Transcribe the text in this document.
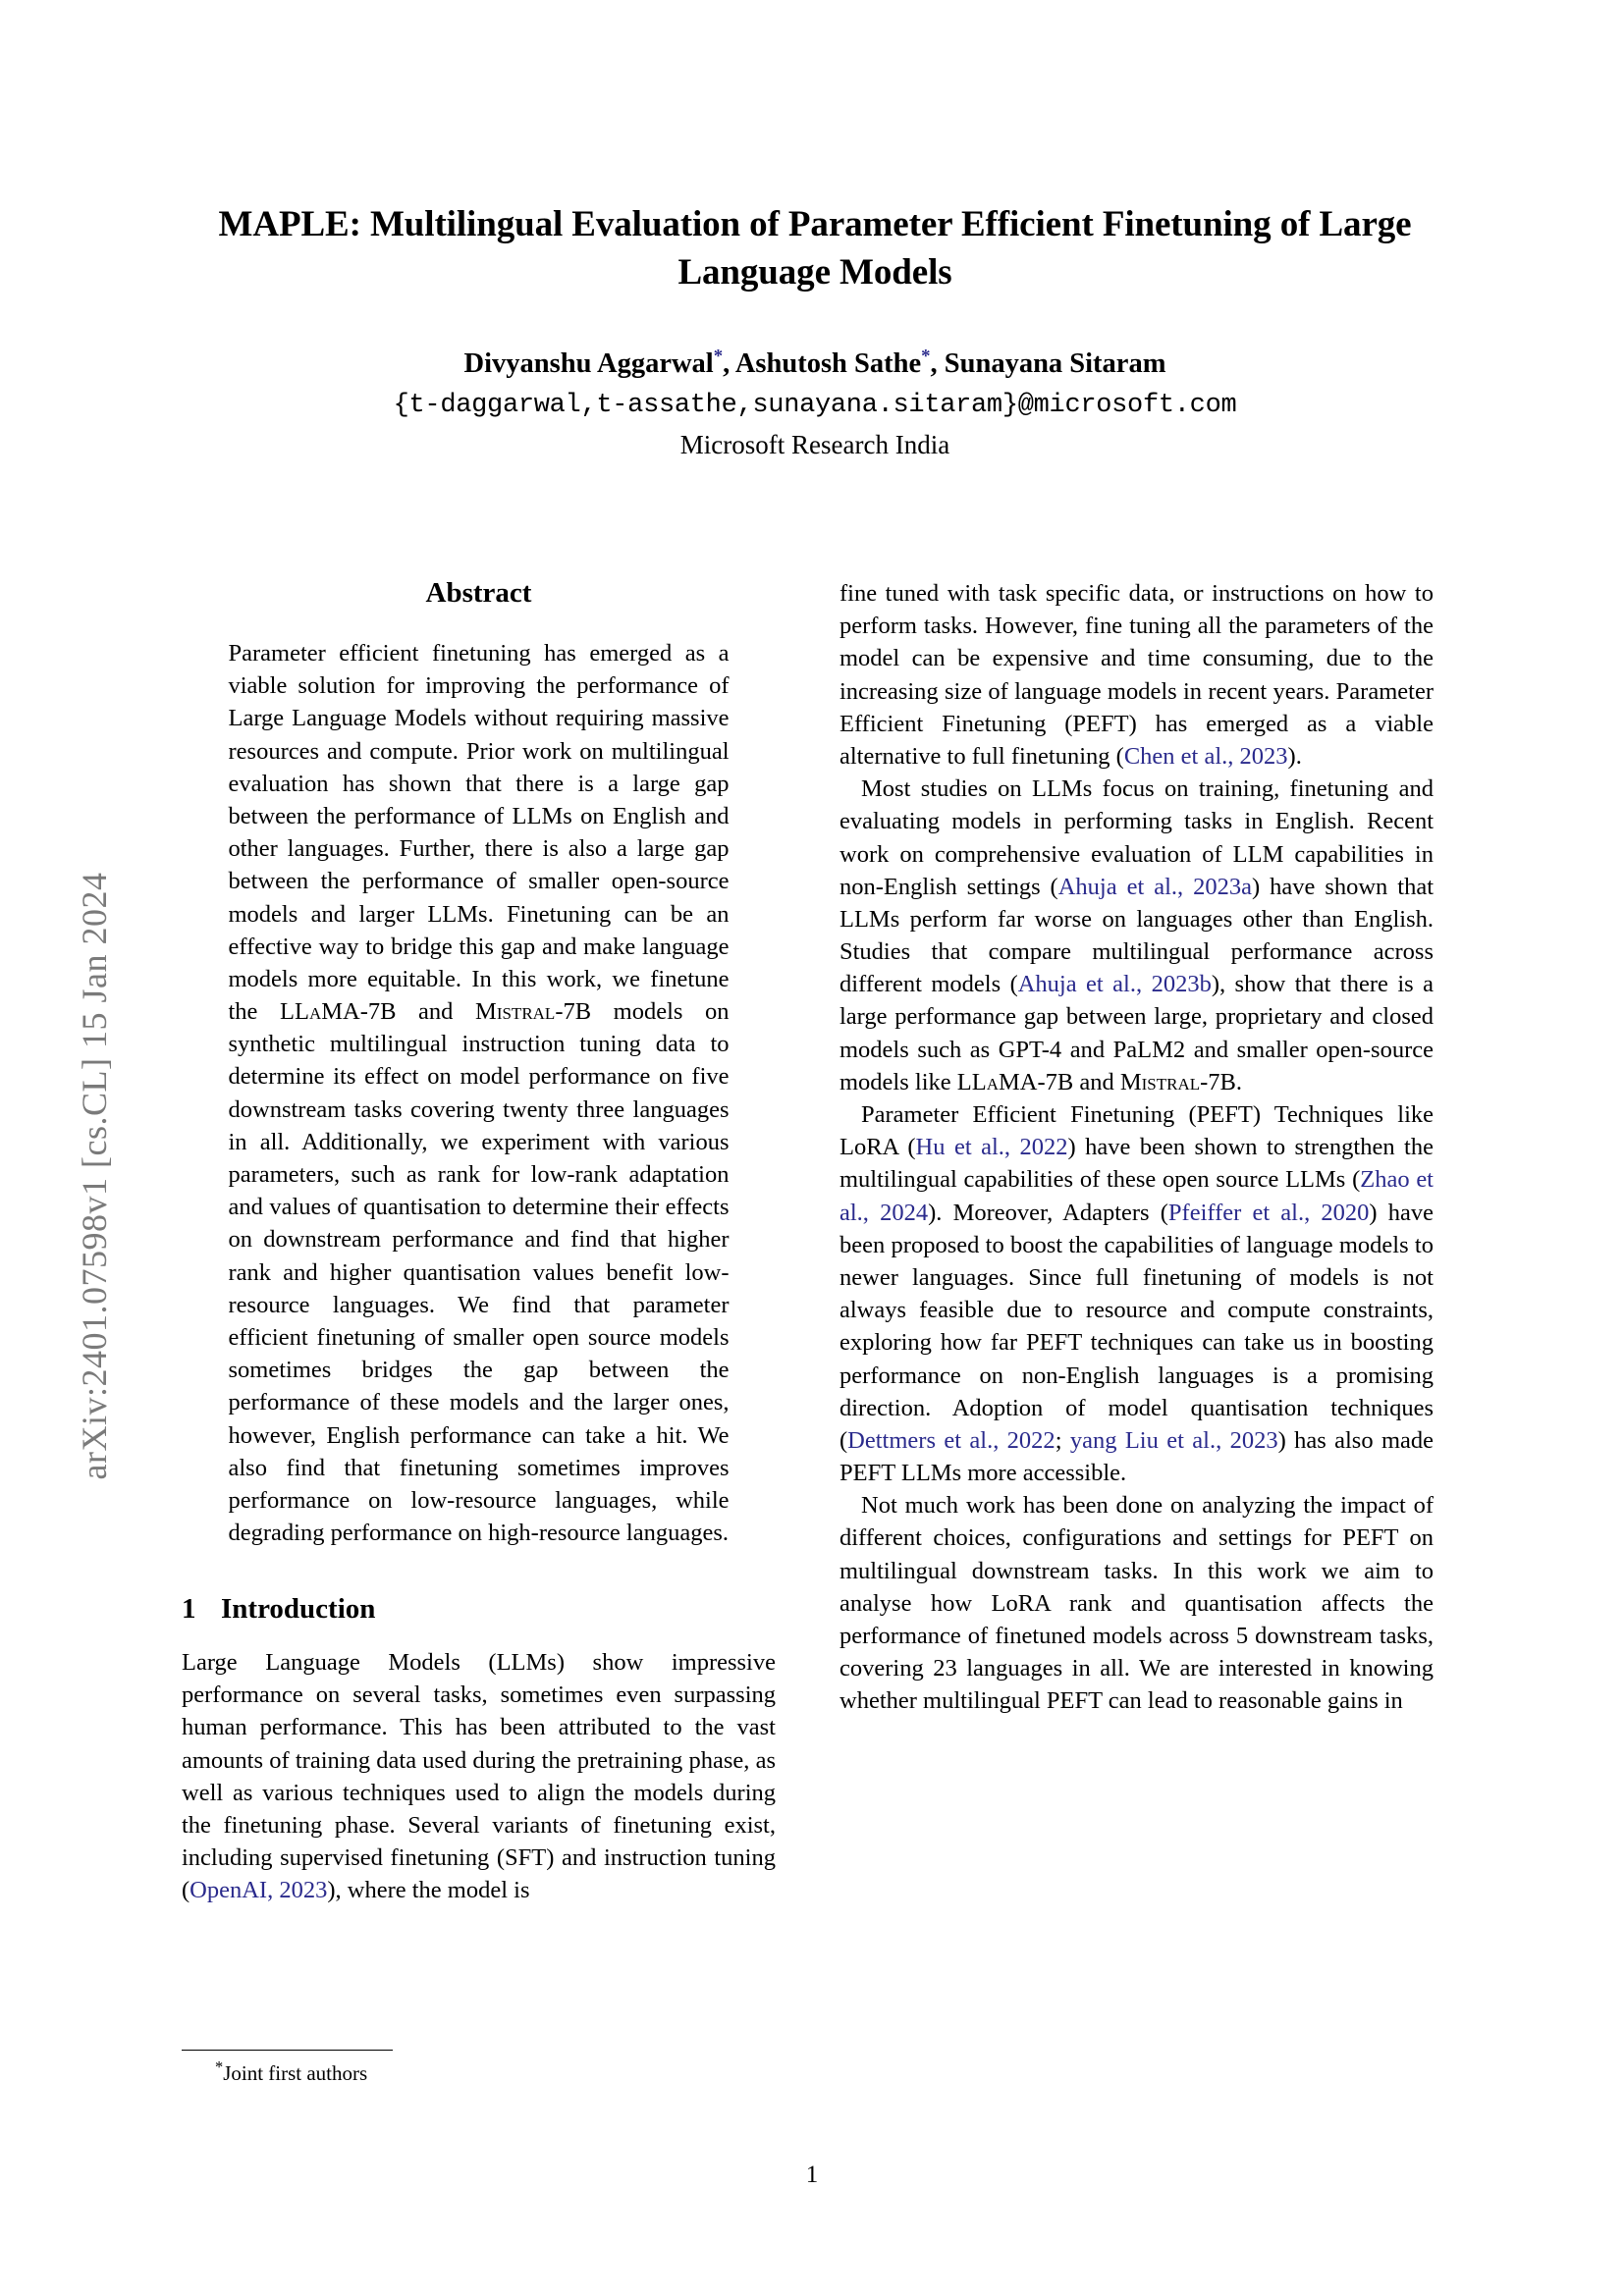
arXiv:2401.07598v1 [cs.CL] 15 Jan 2024
MAPLE: Multilingual Evaluation of Parameter Efficient Finetuning of Large Language Models

Divyanshu Aggarwal*, Ashutosh Sathe*, Sunayana Sitaram

{t-daggarwal,t-assathe,sunayana.sitaram}@microsoft.com

Microsoft Research India

Abstract

Parameter efficient finetuning has emerged as a viable solution for improving the performance of Large Language Models without requiring massive resources and compute. Prior work on multilingual evaluation has shown that there is a large gap between the performance of LLMs on English and other languages. Further, there is also a large gap between the performance of smaller open-source models and larger LLMs. Finetuning can be an effective way to bridge this gap and make language models more equitable. In this work, we finetune the LLaMA-7B and Mistral-7B models on synthetic multilingual instruction tuning data to determine its effect on model performance on five downstream tasks covering twenty three languages in all. Additionally, we experiment with various parameters, such as rank for low-rank adaptation and values of quantisation to determine their effects on downstream performance and find that higher rank and higher quantisation values benefit low-resource languages. We find that parameter efficient finetuning of smaller open source models sometimes bridges the gap between the performance of these models and the larger ones, however, English performance can take a hit. We also find that finetuning sometimes improves performance on low-resource languages, while degrading performance on high-resource languages.

1 Introduction

Large Language Models (LLMs) show impressive performance on several tasks, sometimes even surpassing human performance. This has been attributed to the vast amounts of training data used during the pretraining phase, as well as various techniques used to align the models during the finetuning phase. Several variants of finetuning exist, including supervised finetuning (SFT) and instruction tuning (OpenAI, 2023), where the model is

fine tuned with task specific data, or instructions on how to perform tasks. However, fine tuning all the parameters of the model can be expensive and time consuming, due to the increasing size of language models in recent years. Parameter Efficient Finetuning (PEFT) has emerged as a viable alternative to full finetuning (Chen et al., 2023).

Most studies on LLMs focus on training, finetuning and evaluating models in performing tasks in English. Recent work on comprehensive evaluation of LLM capabilities in non-English settings (Ahuja et al., 2023a) have shown that LLMs perform far worse on languages other than English. Studies that compare multilingual performance across different models (Ahuja et al., 2023b), show that there is a large performance gap between large, proprietary and closed models such as GPT-4 and PaLM2 and smaller open-source models like LLaMA-7B and Mistral-7B.

Parameter Efficient Finetuning (PEFT) Techniques like LoRA (Hu et al., 2022) have been shown to strengthen the multilingual capabilities of these open source LLMs (Zhao et al., 2024). Moreover, Adapters (Pfeiffer et al., 2020) have been proposed to boost the capabilities of language models to newer languages. Since full finetuning of models is not always feasible due to resource and compute constraints, exploring how far PEFT techniques can take us in boosting performance on non-English languages is a promising direction. Adoption of model quantisation techniques (Dettmers et al., 2022; yang Liu et al., 2023) has also made PEFT LLMs more accessible.

Not much work has been done on analyzing the impact of different choices, configurations and settings for PEFT on multilingual downstream tasks. In this work we aim to analyse how LoRA rank and quantisation affects the performance of finetuned models across 5 downstream tasks, covering 23 languages in all. We are interested in knowing whether multilingual PEFT can lead to reasonable gains in

*Joint first authors

1
